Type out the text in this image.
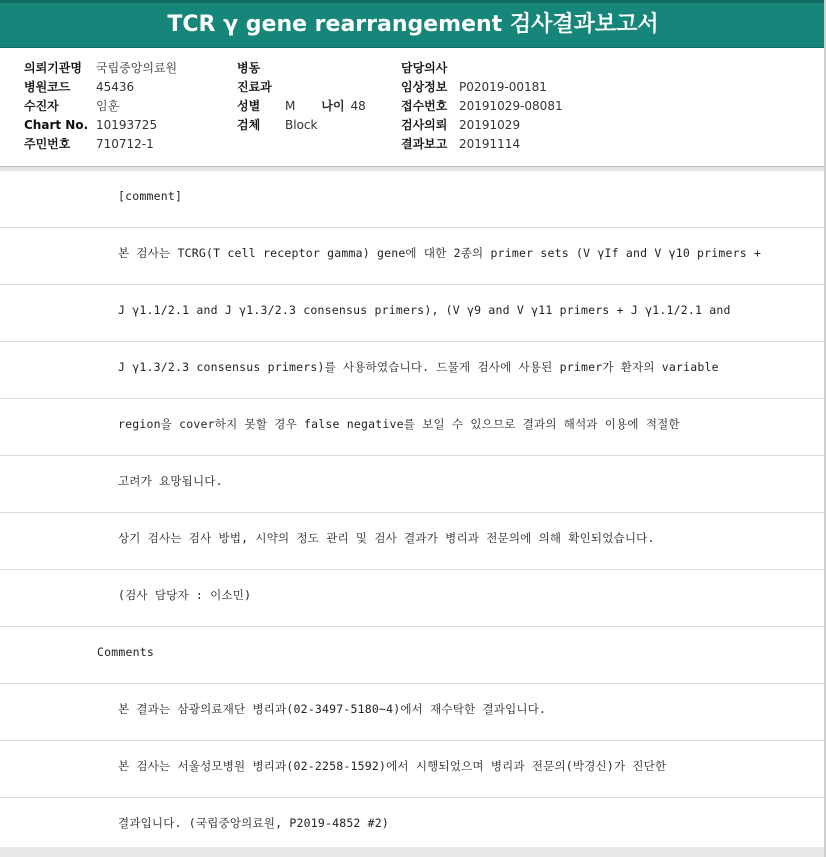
TCR γ gene rearrangement 검사결과보고서
의뢰기관명 국립중앙의료원
병원코드 45436
수진자	임훈
Chart No. 10193725
주민번호 710712-1
병동
진료과
성별 M 나이 48
검체 Block
담당의사
임상정보 P02019-00181
접수번호 20191029-08081
검사의뢰 20191029
결과보고 20191114
[comment]
본 검사는 TCRG(T cell receptor gamma) gene에 대한 2종의 primer sets (V γIf and V γ10 primers +
J γ1.1/2.1 and J γ1.3/2.3 consensus primers), (V γ9 and V γ11 primers + J γ1.1/2.1 and
J γ1.3/2.3 consensus primers)를 사용하였습니다. 드물게 검사에 사용된 primer가 환자의 variable
region을 cover하지 못할 경우 false negative를 보일 수 있으므로 결과의 해석과 이용에 적절한
고려가 요망됩니다.
상기 검사는 검사 방법, 시약의 정도 관리 및 검사 결과가 병리과 전문의에 의해 확인되었습니다.
(검사 담당자 : 이소민)
Comments
본 결과는 삼광의료재단 병리과(02-3497-5180~4)에서 재수탁한 결과입니다.
본 검사는 서울성모병원 병리과(02-2258-1592)에서 시행되었으며 병리과 전문의(박경신)가 진단한
결과입니다. (국립중앙의료원, P2019-4852 #2)
